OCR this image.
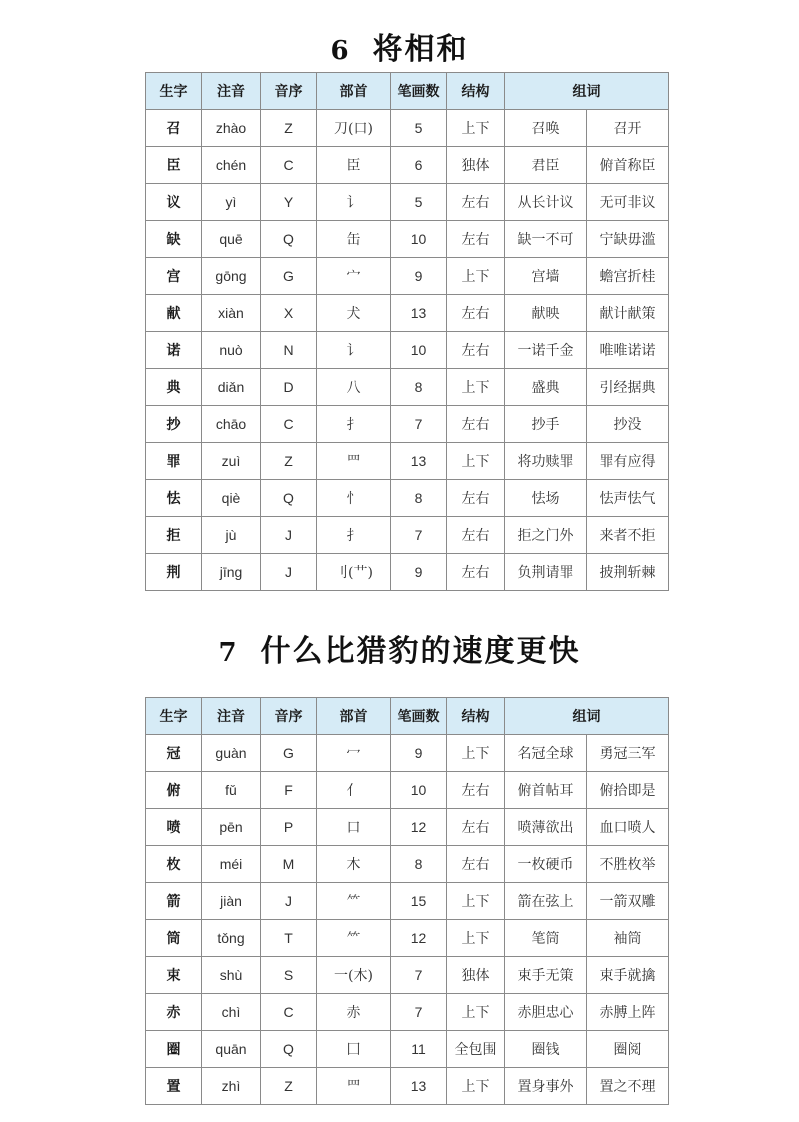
6 将相和
生字	注音	音序	部首	笔画数	结构	组词	
召	zhào	Z	刀(口)	5	上下	召唤	召开
臣	chén	C	臣	6	独体	君臣	俯首称臣
议	yì	Y	讠	5	左右	从长计议	无可非议
缺	quē	Q	缶	10	左右	缺一不可	宁缺毋滥
宫	gōng	G	宀	9	上下	宫墙	蟾宫折桂
献	xiàn	X	犬	13	左右	献映	献计献策
诺	nuò	N	讠	10	左右	一诺千金	唯唯诺诺
典	diǎn	D	八	8	上下	盛典	引经据典
抄	chāo	C	扌	7	左右	抄手	抄没
罪	zuì	Z	罒	13	上下	将功赎罪	罪有应得
怯	qiè	Q	忄	8	左右	怯场	怯声怯气
拒	jù	J	扌	7	左右	拒之门外	来者不拒
荆	jīng	J	刂(艹)	9	左右	负荆请罪	披荆斩棘
7 什么比猎豹的速度更快
生字	注音	音序	部首	笔画数	结构	组词	
冠	guàn	G	冖	9	上下	名冠全球	勇冠三军
俯	fǔ	F	亻	10	左右	俯首帖耳	俯拾即是
喷	pēn	P	口	12	左右	喷薄欲出	血口喷人
枚	méi	M	木	8	左右	一枚硬币	不胜枚举
箭	jiàn	J	⺮	15	上下	箭在弦上	一箭双雕
筒	tǒng	T	⺮	12	上下	笔筒	袖筒
束	shù	S	一(木)	7	独体	束手无策	束手就擒
赤	chì	C	赤	7	上下	赤胆忠心	赤膊上阵
圈	quān	Q	囗	11	全包围	圈钱	圈阅
置	zhì	Z	罒	13	上下	置身事外	置之不理
